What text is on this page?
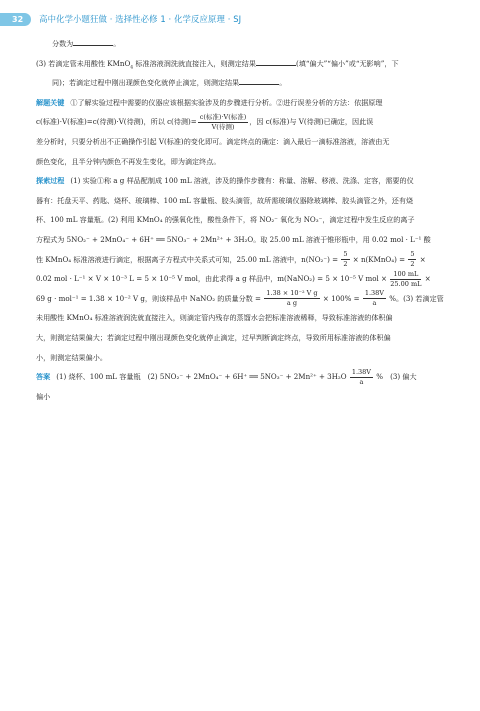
32	高中化学小题狂做 · 选择性必修 1 · 化学反应原理 · SJ
分数为	。
(3) 若滴定管未用酸性 KMnO$_4$ 标准溶液润洗就直接注入，则测定结果	(填“偏大”“偏小”或“无影响”，下
同)；若滴定过程中刚出现颜色变化就停止滴定，则测定结果	。
解题关键 ①了解实验过程中需要的仪器应该根据实验涉及的步骤进行分析。②进行误差分析的方法：依据原理
c(标准)·V(标准)=c(待测)·V(待测)，所以 c(待测)= $\frac{\text{c(标准)·V(标准)}}{\text{V(待测)}}$ ，因 c(标准)与 V(待测)已确定，因此误
差分析时，只要分析出不正确操作引起 V(标准)的变化即可。滴定终点的确定：滴入最后一滴标准溶液，溶液由无
颜色变化，且半分钟内颜色不再发生变化，即为滴定终点。
探索过程 (1) 实验①称 a g 样品配制成 100 mL 溶液，涉及的操作步骤有：称量、溶解、移液、洗涤、定容，需要的仪
器有：托盘天平、药匙、烧杯、玻璃棒、100 mL 容量瓶、胶头滴管，故所需玻璃仪器除玻璃棒、胶头滴管之外，还有烧
杯、100 mL 容量瓶。(2) 利用 KMnO₄ 的强氧化性，酸性条件下，将 NO₂⁻ 氧化为 NO₃⁻，滴定过程中发生反应的离子
方程式为 5NO₂⁻ + 2MnO₄⁻ + 6H⁺ ══ 5NO₃⁻ + 2Mn²⁺ + 3H₂O。取 25.00 mL 溶液于锥形瓶中，用 0.02 mol · L⁻¹ 酸
性 KMnO₄ 标准溶液进行滴定，根据离子方程式中关系式可知，25.00 mL 溶液中，$n(NO_2^-) = \frac{5}{2}$ × n(KMnO₄) = $\frac{5}{2}$ ×
0.02 mol · L⁻¹ × V × 10⁻³ L = 5 × 10⁻⁵ V mol，由此求得 a g 样品中，m(NaNO₂) = 5 × 10⁻⁵ V mol × $\frac{100 mL}{25.00 mL}$ ×
69 g · mol⁻¹ = 1.38 × 10⁻² V g，则该样品中 NaNO₂ 的质量分数 = $\frac{\text{1.38 × 10⁻² V g}}{\text{a g}} \times 100\% = \frac{1.38V}{a}$ %。(3) 若滴定管
未用酸性 KMnO₄ 标准溶液润洗就直接注入，则滴定管内残存的蒸馏水会把标准溶液稀释，导致标准溶液的体积偏
大，则测定结果偏大；若滴定过程中刚出现颜色变化就停止滴定，过早判断滴定终点，导致所用标准溶液的体积偏
小，则测定结果偏小。
答案 (1) 烧杯、100 mL 容量瓶　(2) 5NO₂⁻ + 2MnO₄⁻ + 6H⁺ ══ $5NO_3^- + 2Mn^{2+} + 3H_2O \frac{1.38V}{a}$ %　(3) 偏大
偏小
